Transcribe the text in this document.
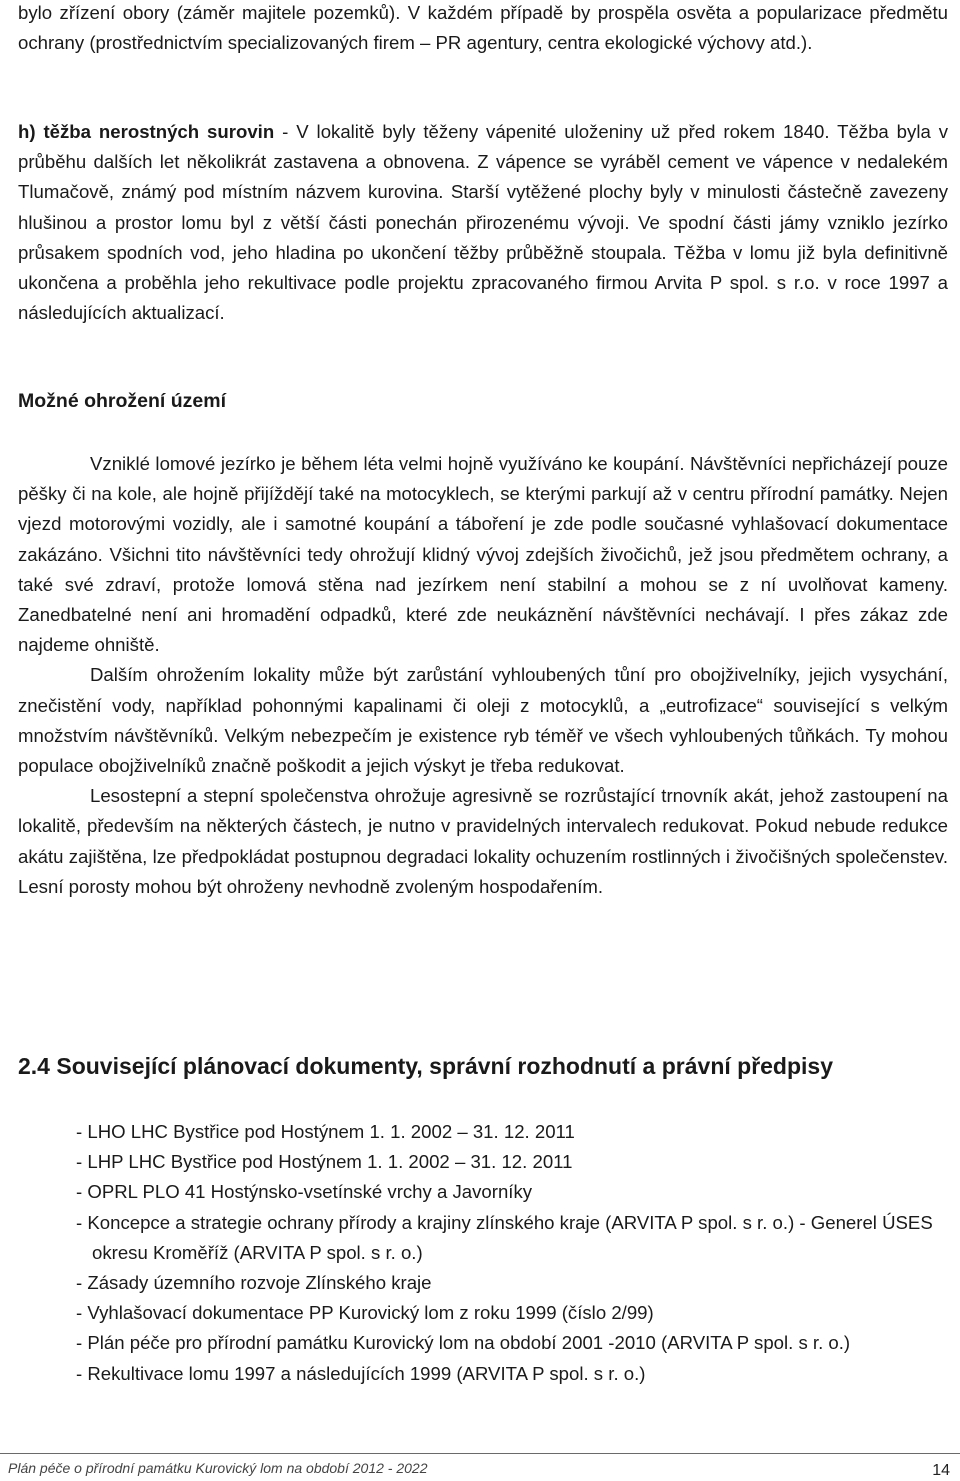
bylo zřízení obory (záměr majitele pozemků). V každém případě by prospěla osvěta a popularizace předmětu ochrany (prostřednictvím specializovaných firem – PR agentury, centra ekologické výchovy atd.).

h) těžba nerostných surovin - V lokalitě byly těženy vápenité uloženiny už před rokem 1840. Těžba byla v průběhu dalších let několikrát zastavena a obnovena. Z vápence se vyráběl cement ve vápence v nedalekém Tlumačově, známý pod místním názvem kurovina. Starší vytěžené plochy byly v minulosti částečně zavezeny hlušinou a prostor lomu byl z větší části ponechán přirozenému vývoji. Ve spodní části jámy vzniklo jezírko průsakem spodních vod, jeho hladina po ukončení těžby průběžně stoupala. Těžba v lomu již byla definitivně ukončena a proběhla jeho rekultivace podle projektu zpracovaného firmou Arvita P spol. s r.o. v roce 1997 a následujících aktualizací.

Možné ohrožení území

Vzniklé lomové jezírko je během léta velmi hojně využíváno ke koupání. Návštěvníci nepřicházejí pouze pěšky či na kole, ale hojně přijíždějí také na motocyklech, se kterými parkují až v centru přírodní památky. Nejen vjezd motorovými vozidly, ale i samotné koupání a táboření je zde podle současné vyhlašovací dokumentace zakázáno. Všichni tito návštěvníci tedy ohrožují klidný vývoj zdejších živočichů, jež jsou předmětem ochrany, a také své zdraví, protože lomová stěna nad jezírkem není stabilní a mohou se z ní uvolňovat kameny. Zanedbatelné není ani hromadění odpadků, které zde neukáznění návštěvníci nechávají. I přes zákaz zde najdeme ohniště.

Dalším ohrožením lokality může být zarůstání vyhloubených tůní pro obojživelníky, jejich vysychání, znečistění vody, například pohonnými kapalinami či oleji z motocyklů, a „eutrofizace“ související s velkým množstvím návštěvníků. Velkým nebezpečím je existence ryb téměř ve všech vyhloubených tůňkách. Ty mohou populace obojživelníků značně poškodit a jejich výskyt je třeba redukovat.

Lesostepní a stepní společenstva ohrožuje agresivně se rozrůstající trnovník akát, jehož zastoupení na lokalitě, především na některých částech, je nutno v pravidelných intervalech redukovat. Pokud nebude redukce akátu zajištěna, lze předpokládat postupnou degradaci lokality ochuzením rostlinných i živočišných společenstev. Lesní porosty mohou být ohroženy nevhodně zvoleným hospodařením.

2.4 Související plánovací dokumenty, správní rozhodnutí a právní předpisy
- LHO LHC Bystřice pod Hostýnem 1. 1. 2002 – 31. 12. 2011
- LHP LHC Bystřice pod Hostýnem 1. 1. 2002 – 31. 12. 2011
- OPRL PLO 41 Hostýnsko-vsetínské vrchy a Javorníky
- Koncepce a strategie ochrany přírody a krajiny zlínského kraje (ARVITA P spol. s r. o.) - Generel ÚSES okresu Kroměříž (ARVITA P spol. s r. o.)
- Zásady územního rozvoje Zlínského kraje
- Vyhlašovací dokumentace PP Kurovický lom z roku 1999 (číslo 2/99)
- Plán péče pro přírodní památku Kurovický lom na období 2001 -2010 (ARVITA P spol. s r. o.)
- Rekultivace lomu 1997 a následujících 1999 (ARVITA P spol. s r. o.)
Plán péče o přírodní památku Kurovický lom na období 2012 - 2022	14
